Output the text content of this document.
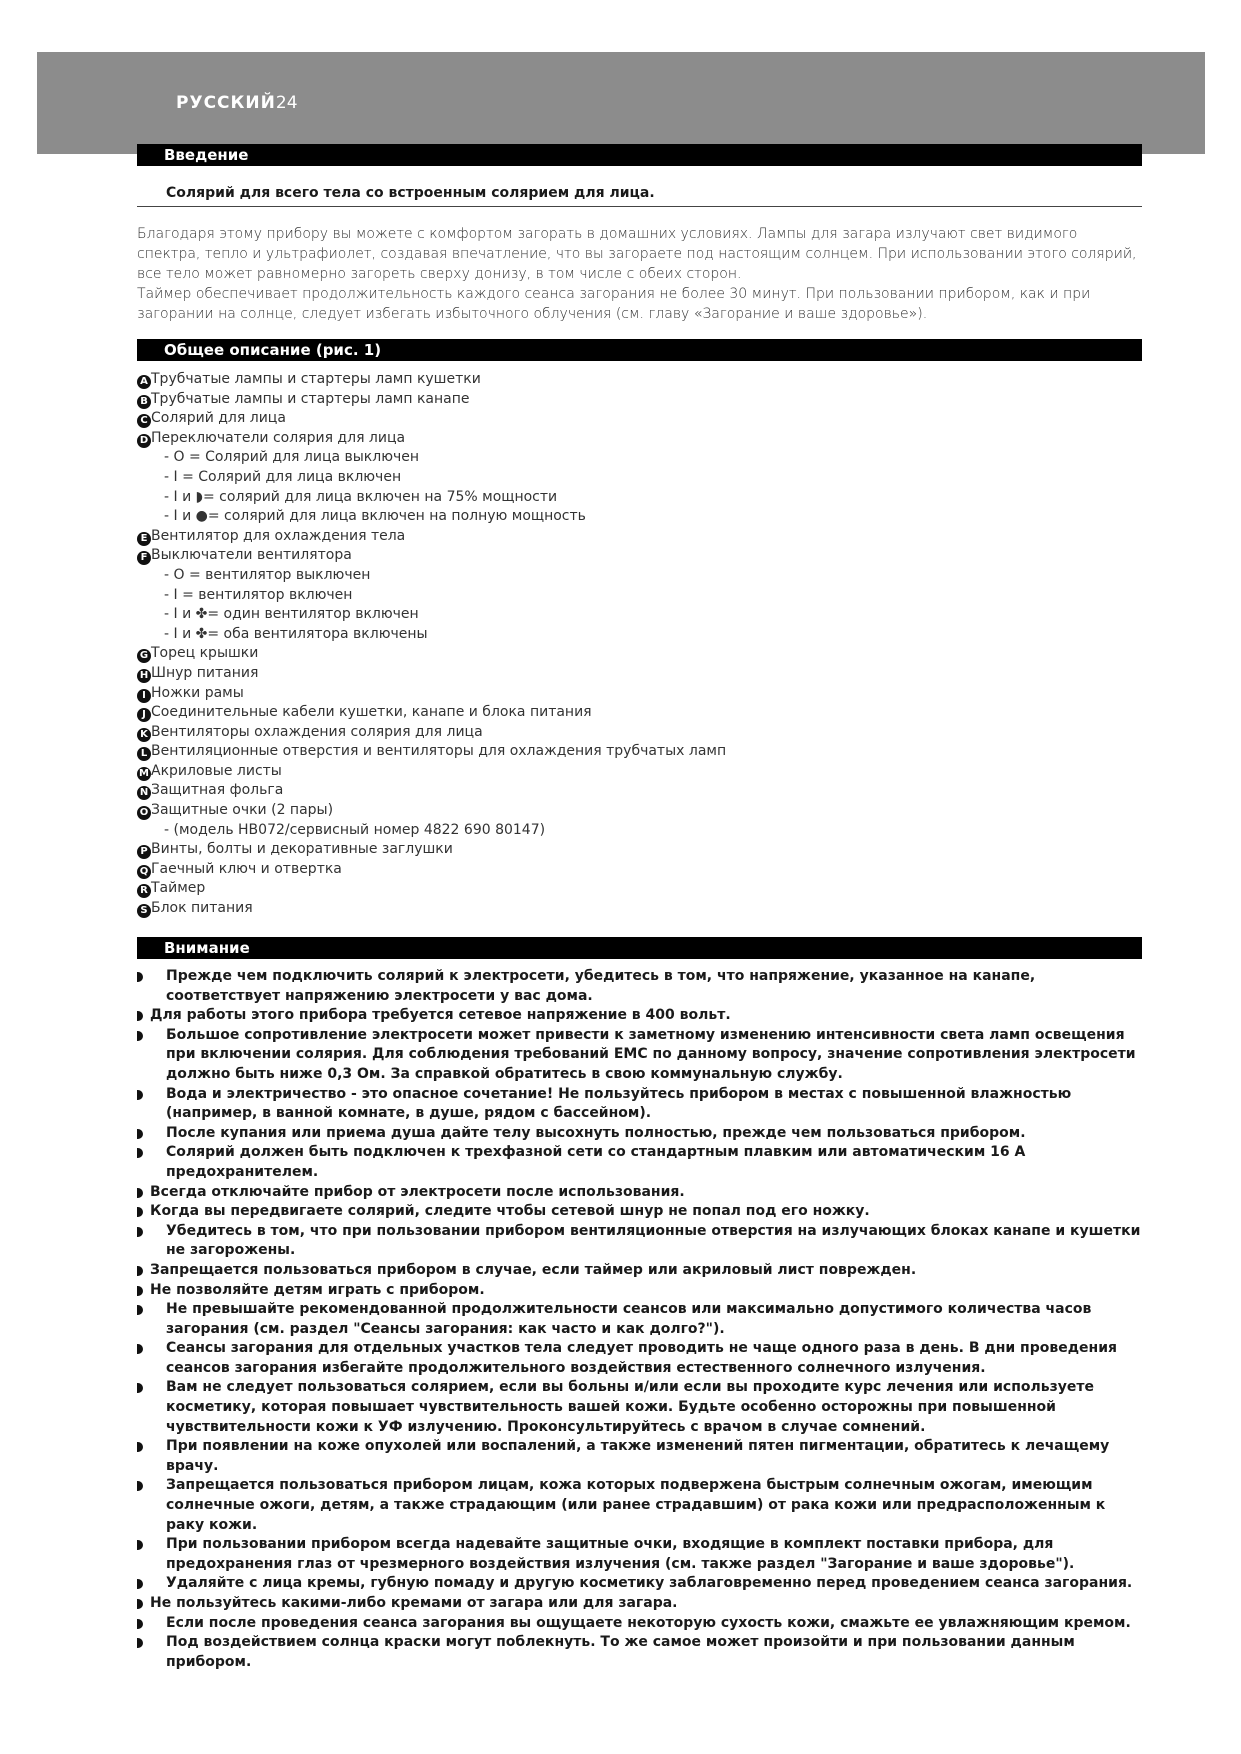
РУССКИЙ24
Введение
Солярий для всего тела со встроенным солярием для лица.

Благодаря этому прибору вы можете с комфортом загорать в домашних условиях. Лампы для загара излучают свет видимого спектра, тепло и ультрафиолет, создавая впечатление, что вы загораете под настоящим солнцем. При использовании этого солярий, все тело может равномерно загореть сверху донизу, в том числе с обеих сторон.

Таймер обеспечивает продолжительность каждого сеанса загорания не более 30 минут. При пользовании прибором, как и при загорании на солнце, следует избегать избыточного облучения (см. главу «Загорание и ваше здоровье»).

Общее описание (рис. 1)
A Трубчатые лампы и стартеры ламп кушетки
B Трубчатые лампы и стартеры ламп канапе
C Солярий для лица
D Переключатели солярия для лица
- O = Солярий для лица выключен
- I = Солярий для лица включен
- I и ◗= солярий для лица включен на 75% мощности
- I и ●= солярий для лица включен на полную мощность
E Вентилятор для охлаждения тела
F Выключатели вентилятора
- O = вентилятор выключен
- I = вентилятор включен
- I и ✤= один вентилятор включен
- I и ✤= оба вентилятора включены
G Торец крышки
H Шнур питания
I Ножки рамы
J Соединительные кабели кушетки, канапе и блока питания
K Вентиляторы охлаждения солярия для лица
L Вентиляционные отверстия и вентиляторы для охлаждения трубчатых ламп
M Акриловые листы
N Защитная фольга
O Защитные очки (2 пары)
- (модель HB072/сервисный номер 4822 690 80147)
P Винты, болты и декоративные заглушки
Q Гаечный ключ и отвертка
R Таймер
S Блок питания
Внимание
Прежде чем подключить солярий к электросети, убедитесь в том, что напряжение, указанное на канапе, соответствует напряжению электросети у вас дома.
Для работы этого прибора требуется сетевое напряжение в 400 вольт.
Большое сопротивление электросети может привести к заметному изменению интенсивности света ламп освещения при включении солярия. Для соблюдения требований EMC по данному вопросу, значение сопротивления электросети должно быть ниже 0,3 Ом. За справкой обратитесь в свою коммунальную службу.
Вода и электричество - это опасное сочетание! Не пользуйтесь прибором в местах с повышенной влажностью (например, в ванной комнате, в душе, рядом с бассейном).
После купания или приема душа дайте телу высохнуть полностью, прежде чем пользоваться прибором.
Солярий должен быть подключен к трехфазной сети со стандартным плавким или автоматическим 16 A предохранителем.
Всегда отключайте прибор от электросети после использования.
Когда вы передвигаете солярий, следите чтобы сетевой шнур не попал под его ножку.
Убедитесь в том, что при пользовании прибором вентиляционные отверстия на излучающих блоках канапе и кушетки не загорожены.
Запрещается пользоваться прибором в случае, если таймер или акриловый лист поврежден.
Не позволяйте детям играть с прибором.
Не превышайте рекомендованной продолжительности сеансов или максимально допустимого количества часов загорания (см. раздел "Сеансы загорания: как часто и как долго?").
Сеансы загорания для отдельных участков тела следует проводить не чаще одного раза в день. В дни проведения сеансов загорания избегайте продолжительного воздействия естественного солнечного излучения.
Вам не следует пользоваться солярием, если вы больны и/или если вы проходите курс лечения или используете косметику, которая повышает чувствительность вашей кожи. Будьте особенно осторожны при повышенной чувствительности кожи к УФ излучению. Проконсультируйтесь с врачом в случае сомнений.
При появлении на коже опухолей или воспалений, а также изменений пятен пигментации, обратитесь к лечащему врачу.
Запрещается пользоваться прибором лицам, кожа которых подвержена быстрым солнечным ожогам, имеющим солнечные ожоги, детям, а также страдающим (или ранее страдавшим) от рака кожи или предрасположенным к раку кожи.
При пользовании прибором всегда надевайте защитные очки, входящие в комплект поставки прибора, для предохранения глаз от чрезмерного воздействия излучения (см. также раздел "Загорание и ваше здоровье").
Удаляйте с лица кремы, губную помаду и другую косметику заблаговременно перед проведением сеанса загорания.
Не пользуйтесь какими-либо кремами от загара или для загара.
Если после проведения сеанса загорания вы ощущаете некоторую сухость кожи, смажьте ее увлажняющим кремом.
Под воздействием солнца краски могут поблекнуть. То же самое может произойти и при пользовании данным прибором.
